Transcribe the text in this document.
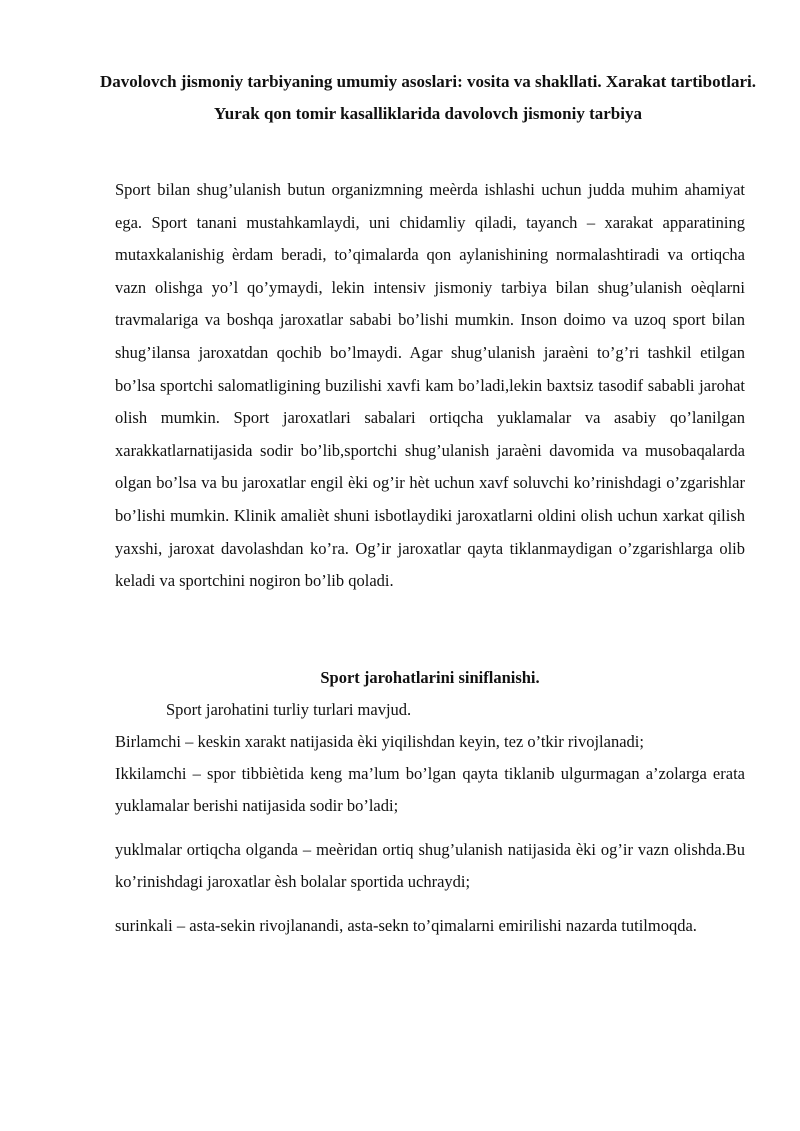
Davolovch jismoniy tarbiyaning umumiy asoslari: vosita va shakllati. Xarakat tartibotlari. Yurak qon tomir kasalliklarida davolovch jismoniy tarbiya

Sport bilan shug’ulanish butun organizmning meèrda ishlashi uchun judda muhim ahamiyat ega. Sport tanani mustahkamlaydi, uni chidamliy qiladi, tayanch – xarakat apparatining mutaxkalanishig èrdam beradi, to’qimalarda qon aylanishining normalashtiradi va ortiqcha vazn olishga yo’l qo’ymaydi, lekin intensiv jismoniy tarbiya bilan shug’ulanish oèqlarni travmalariga va boshqa jaroxatlar sababi bo’lishi mumkin. Inson doimo va uzoq sport bilan shug’ilansa jaroxatdan qochib bo’lmaydi. Agar shug’ulanish jaraèni to’g’ri tashkil etilgan bo’lsa sportchi salomatligining buzilishi xavfi kam bo’ladi,lekin baxtsiz tasodif sababli jarohat olish mumkin. Sport jaroxatlari sabalari ortiqcha yuklamalar va asabiy qo’lanilgan xarakkatlarnatijasida sodir bo’lib,sportchi shug’ulanish jaraèni davomida va musobaqalarda olgan bo’lsa va bu jaroxatlar engil èki og’ir hèt uchun xavf soluvchi ko’rinishdagi o’zgarishlar bo’lishi mumkin. Klinik amalièt shuni isbotlaydiki jaroxatlarni oldini olish uchun xarkat qilish yaxshi, jaroxat davolashdan ko’ra. Og’ir jaroxatlar qayta tiklanmaydigan o’zgarishlarga olib keladi va sportchini nogiron bo’lib qoladi.

Sport jarohatlarini siniflanishi.
Sport jarohatini turliy turlari mavjud.
Birlamchi – keskin xarakt natijasida èki yiqilishdan keyin, tez o’tkir rivojlanadi;

Ikkilamchi – spor tibbiètida keng ma’lum bo’lgan qayta tiklanib ulgurmagan a’zolarga erata yuklamalar berishi natijasida sodir bo’ladi;

yuklmalar ortiqcha olganda – meèridan ortiq shug’ulanish natijasida èki og’ir vazn olishda.Bu ko’rinishdagi jaroxatlar èsh bolalar sportida uchraydi;

surinkali – asta-sekin rivojlanandi, asta-sekn to’qimalarni emirilishi nazarda tutilmoqda.
